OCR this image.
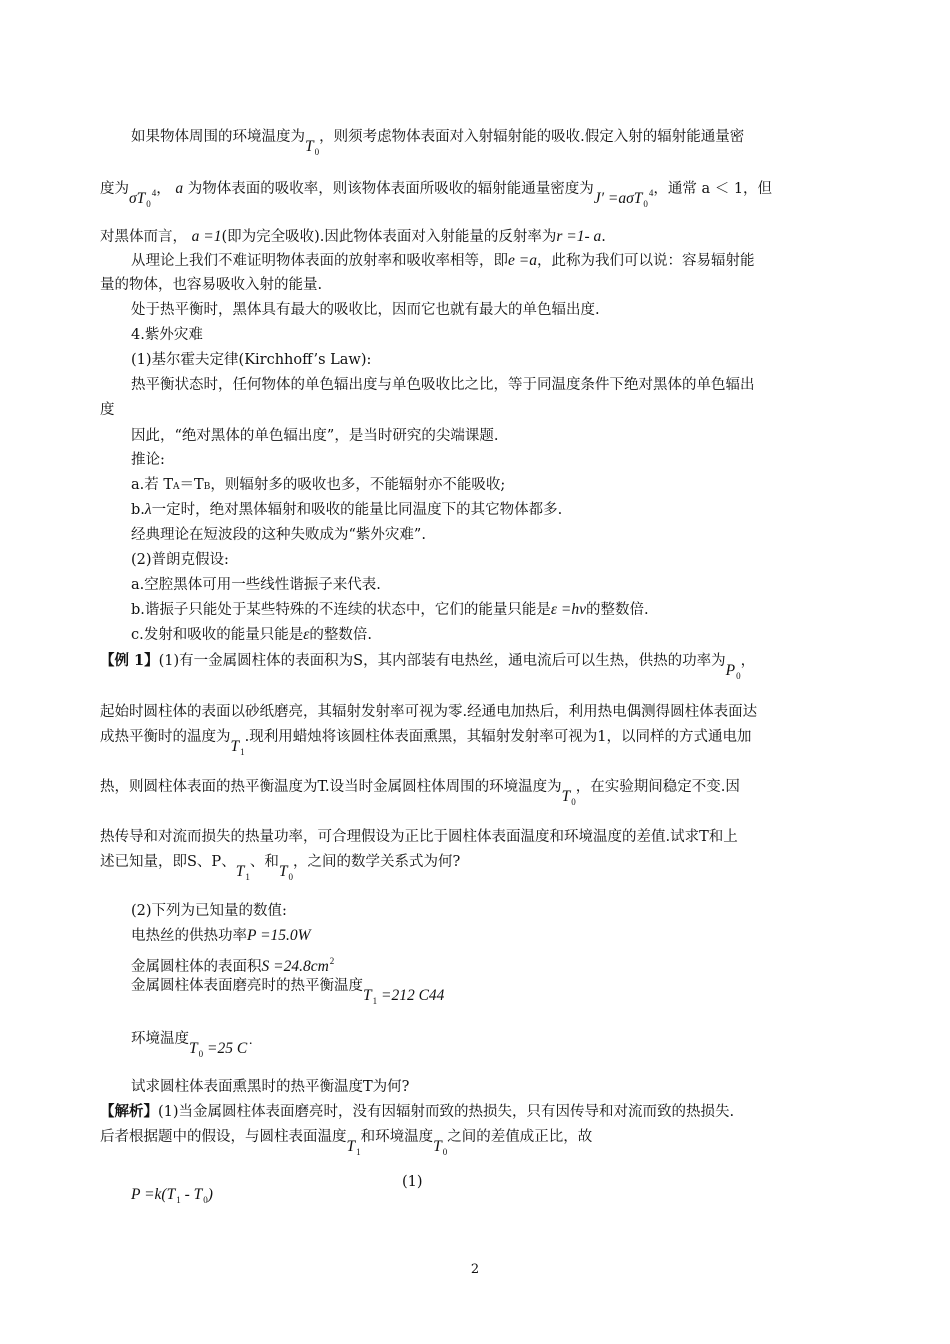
如果物体周围的环境温度为$T_0$，则须考虑物体表面对入射辐射能的吸收.假定入射的辐射能通量密
度为$\sigma T_0^4$， a 为物体表面的吸收率，则该物体表面所吸收的辐射能通量密度为J′ =aσT$_0^4$，通常 a ＜ 1，但
对黑体而言， a =1(即为完全吸收).因此物体表面对入射能量的反射率为r =1- a.
从理论上我们不难证明物体表面的放射率和吸收率相等，即e =a，此称为我们可以说：容易辐射能
量的物体，也容易吸收入射的能量.
处于热平衡时，黑体具有最大的吸收比，因而它也就有最大的单色辐出度.
4.紫外灾难
(1)基尔霍夫定律(Kirchhoff’s Law):
热平衡状态时，任何物体的单色辐出度与单色吸收比之比，等于同温度条件下绝对黑体的单色辐出
度
因此，“绝对黑体的单色辐出度”，是当时研究的尖端课题.
推论:
a.若 TA＝TB，则辐射多的吸收也多，不能辐射亦不能吸收;
b.λ一定时，绝对黑体辐射和吸收的能量比同温度下的其它物体都多.
经典理论在短波段的这种失败成为“紫外灾难”.
(2)普朗克假设:
a.空腔黑体可用一些线性谐振子来代表.
b.谐振子只能处于某些特殊的不连续的状态中，它们的能量只能是ε =hν的整数倍.
c.发射和吸收的能量只能是ε的整数倍.
【例 1】(1)有一金属圆柱体的表面积为S，其内部装有电热丝，通电流后可以生热，供热的功率为$P_0$，
起始时圆柱体的表面以砂纸磨亮，其辐射发射率可视为零.经通电加热后，利用热电偶测得圆柱体表面达
成热平衡时的温度为$T_1$.现利用蜡烛将该圆柱体表面熏黑，其辐射发射率可视为1，以同样的方式通电加
热，则圆柱体表面的热平衡温度为T.设当时金属圆柱体周围的环境温度为$T_0$，在实验期间稳定不变.因
热传导和对流而损失的热量功率，可合理假设为正比于圆柱体表面温度和环境温度的差值.试求T和上
述已知量，即S、P、$T_1$、和$T_0$，之间的数学关系式为何?
(2)下列为已知量的数值:
电热丝的供热功率P =15.0W
金属圆柱体的表面积$S =24.8cm^2$
金属圆柱体表面磨亮时的热平衡温度$T_1 =212$ C44
环境温度$T_0 =25$ C˙
试求圆柱体表面熏黑时的热平衡温度T为何?
【解析】(1)当金属圆柱体表面磨亮时，没有因辐射而致的热损失，只有因传导和对流而致的热损失.
后者根据题中的假设，与圆柱表面温度$T_1$和环境温度$T_0$之间的差值成正比，故
(1)
$P =k(T_1 - T_0)$
2
